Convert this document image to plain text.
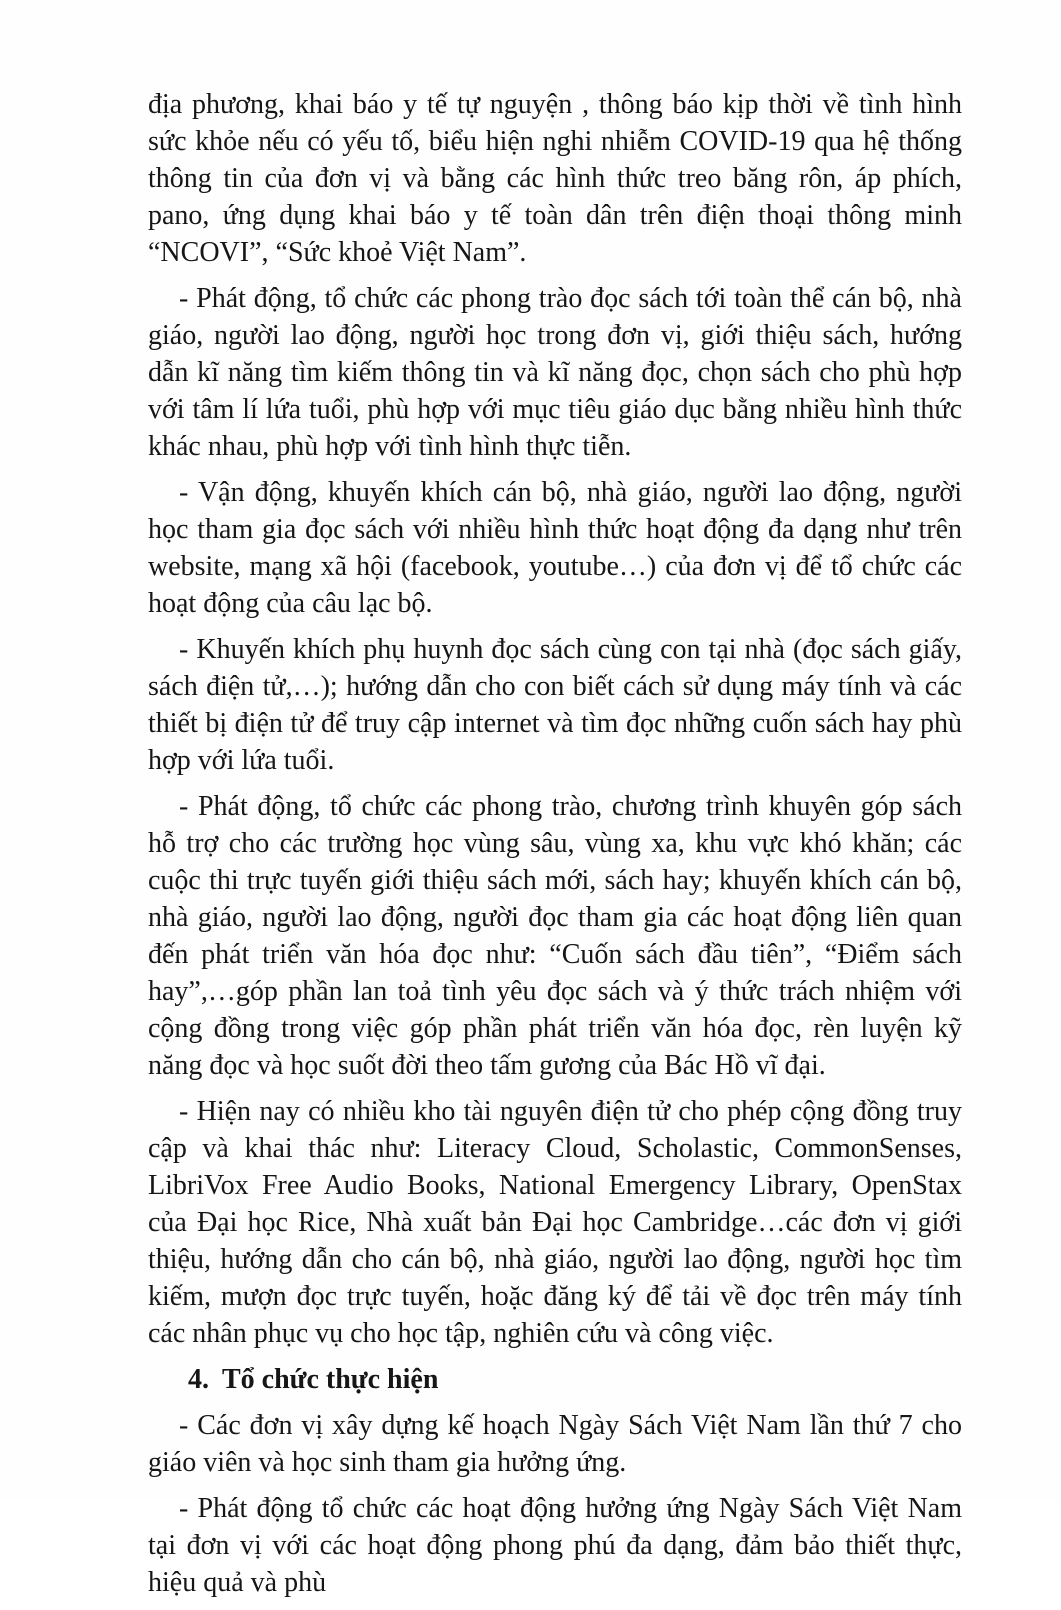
địa phương, khai báo y tế tự nguyện , thông báo kịp thời về tình hình sức khỏe nếu có yếu tố, biểu hiện nghi nhiễm COVID-19 qua hệ thống thông tin của đơn vị và bằng các hình thức treo băng rôn, áp phích, pano, ứng dụng khai báo y tế toàn dân trên điện thoại thông minh “NCOVI”, “Sức khoẻ Việt Nam”.

- Phát động, tổ chức các phong trào đọc sách tới toàn thể cán bộ, nhà giáo, người lao động, người học trong đơn vị, giới thiệu sách, hướng dẫn kĩ năng tìm kiếm thông tin và kĩ năng đọc, chọn sách cho phù hợp với tâm lí lứa tuổi, phù hợp với mục tiêu giáo dục bằng nhiều hình thức khác nhau, phù hợp với tình hình thực tiễn.

- Vận động, khuyến khích cán bộ, nhà giáo, người lao động, người học tham gia đọc sách với nhiều hình thức hoạt động đa dạng như trên website, mạng xã hội (facebook, youtube…) của đơn vị để tổ chức các hoạt động của câu lạc bộ.

- Khuyến khích phụ huynh đọc sách cùng con tại nhà (đọc sách giấy, sách điện tử,…); hướng dẫn cho con biết cách sử dụng máy tính và các thiết bị điện tử để truy cập internet và tìm đọc những cuốn sách hay phù hợp với lứa tuổi.

- Phát động, tổ chức các phong trào, chương trình khuyên góp sách hỗ trợ cho các trường học vùng sâu, vùng xa, khu vực khó khăn; các cuộc thi trực tuyến giới thiệu sách mới, sách hay; khuyến khích cán bộ, nhà giáo, người lao động, người đọc tham gia các hoạt động liên quan đến phát triển văn hóa đọc như: “Cuốn sách đầu tiên”, “Điểm sách hay”,…góp phần lan toả tình yêu đọc sách và ý thức trách nhiệm với cộng đồng trong việc góp phần phát triển văn hóa đọc, rèn luyện kỹ năng đọc và học suốt đời theo tấm gương của Bác Hồ vĩ đại.

- Hiện nay có nhiều kho tài nguyên điện tử cho phép cộng đồng truy cập và khai thác như: Literacy Cloud, Scholastic, CommonSenses, LibriVox Free Audio Books, National Emergency Library, OpenStax của Đại học Rice, Nhà xuất bản Đại học Cambridge…các đơn vị giới thiệu, hướng dẫn cho cán bộ, nhà giáo, người lao động, người học tìm kiếm, mượn đọc trực tuyến, hoặc đăng ký để tải về đọc trên máy tính các nhân phục vụ cho học tập, nghiên cứu và công việc.

4. Tổ chức thực hiện

- Các đơn vị xây dựng kế hoạch Ngày Sách Việt Nam lần thứ 7 cho giáo viên và học sinh tham gia hưởng ứng.

- Phát động tổ chức các hoạt động hưởng ứng Ngày Sách Việt Nam tại đơn vị với các hoạt động phong phú đa dạng, đảm bảo thiết thực, hiệu quả và phù
